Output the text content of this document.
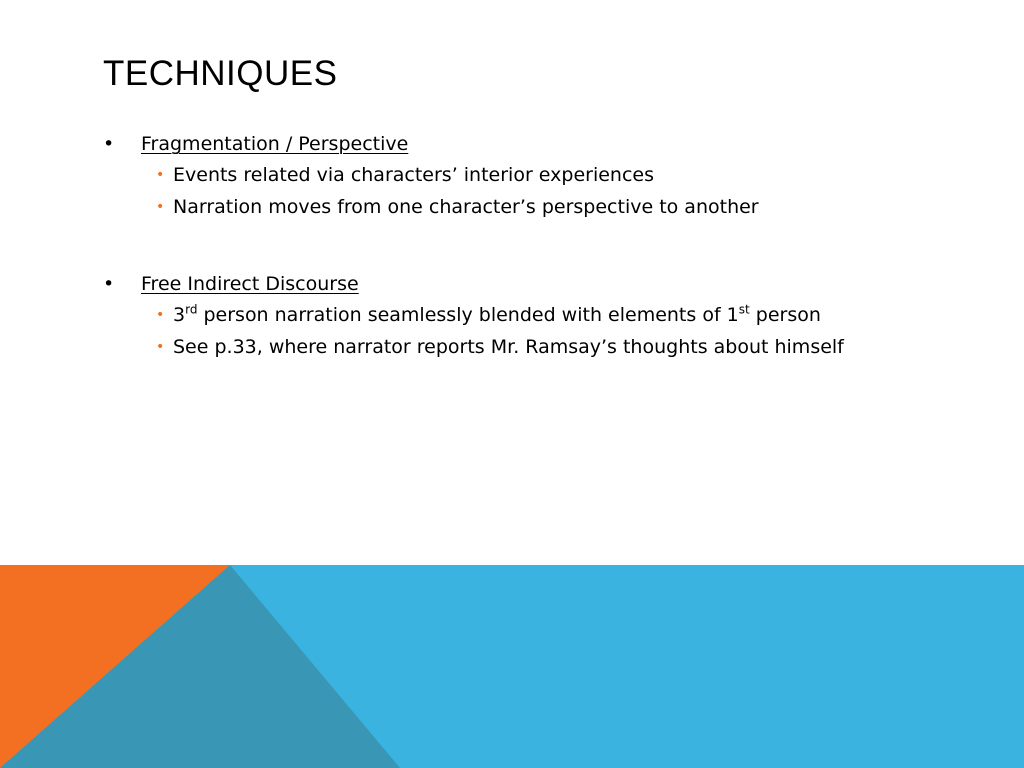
TECHNIQUES
• Fragmentation / Perspective
• Events related via characters’ interior experiences
• Narration moves from one character’s perspective to another
• Free Indirect Discourse
• 3rd person narration seamlessly blended with elements of 1st person
• See p.33, where narrator reports Mr. Ramsay’s thoughts about himself
